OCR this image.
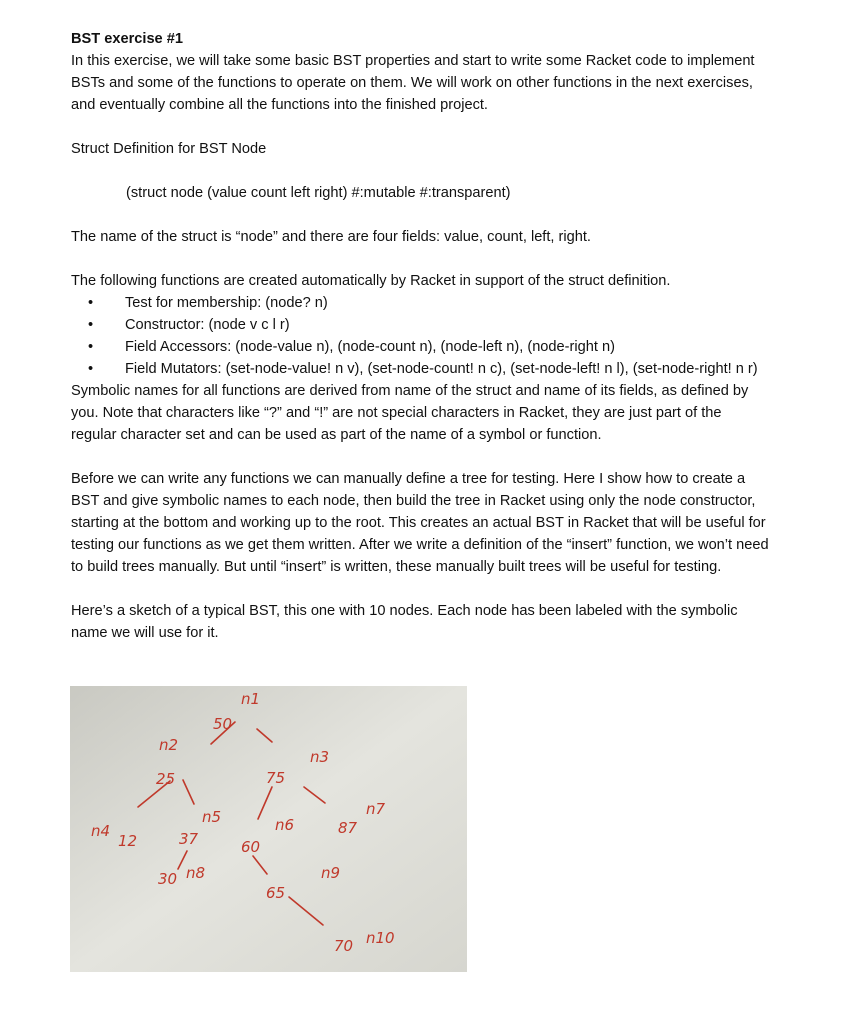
BST exercise #1

In this exercise, we will take some basic BST properties and start to write some Racket code to implement BSTs and some of the functions to operate on them. We will work on other functions in the next exercises, and eventually combine all the functions into the finished project.

Struct Definition for BST Node

(struct node (value count left right) #:mutable #:transparent)

The name of the struct is “node” and there are four fields: value, count, left, right.

The following functions are created automatically by Racket in support of the struct definition.

• Test for membership: (node? n)
• Constructor: (node v c l r)
• Field Accessors: (node-value n), (node-count n), (node-left n), (node-right n)
• Field Mutators: (set-node-value! n v), (set-node-count! n c), (set-node-left! n l), (set-node-right! n r)

Symbolic names for all functions are derived from name of the struct and name of its fields, as defined by you. Note that characters like “?” and “!” are not special characters in Racket, they are just part of the regular character set and can be used as part of the name of a symbol or function.

Before we can write any functions we can manually define a tree for testing. Here I show how to create a BST and give symbolic names to each node, then build the tree in Racket using only the node constructor, starting at the bottom and working up to the root. This creates an actual BST in Racket that will be useful for testing our functions as we get them written. After we write a definition of the “insert” function, we won’t need to build trees manually. But until “insert” is written, these manually built trees will be useful for testing.

Here’s a sketch of a typical BST, this one with 10 nodes. Each node has been labeled with the symbolic name we will use for it.

50
25	75
12	37	60
87
30
65
70
n1
n2
n3
n4
n5	n6
n7
n8	n9
n10
